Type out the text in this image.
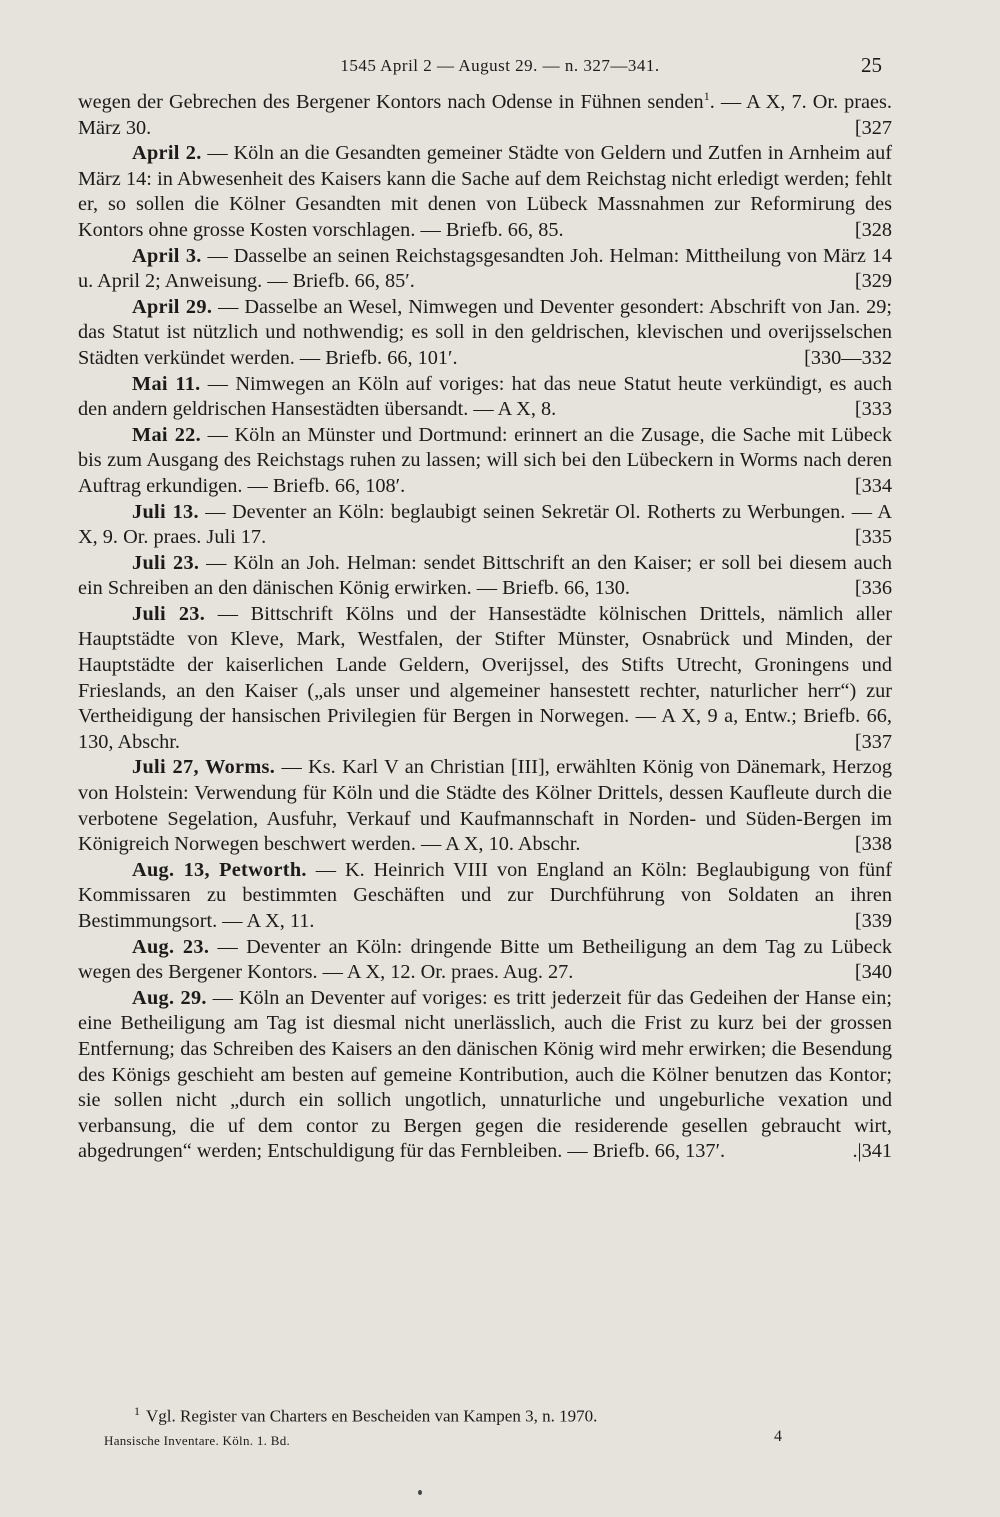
1545 April 2 — August 29. — n. 327—341.	25

wegen der Gebrechen des Bergener Kontors nach Odense in Fühnen senden$^1$. — A X, 7. Or. praes. März 30.	[327

April 2. — Köln an die Gesandten gemeiner Städte von Geldern und Zutfen in Arnheim auf März 14: in Abwesenheit des Kaisers kann die Sache auf dem Reichstag nicht erledigt werden; fehlt er, so sollen die Kölner Gesandten mit denen von Lübeck Massnahmen zur Reformirung des Kontors ohne grosse Kosten vorschlagen. — Briefb. 66, 85.	[328

April 3. — Dasselbe an seinen Reichstagsgesandten Joh. Helman: Mittheilung von März 14 u. April 2; Anweisung. — Briefb. 66, 85′.	[329

April 29. — Dasselbe an Wesel, Nimwegen und Deventer gesondert: Abschrift von Jan. 29; das Statut ist nützlich und nothwendig; es soll in den geldrischen, klevischen und overijsselschen Städten verkündet werden. — Briefb. 66, 101′.	[330—332

Mai 11. — Nimwegen an Köln auf voriges: hat das neue Statut heute verkündigt, es auch den andern geldrischen Hansestädten übersandt. — A X, 8.	[333

Mai 22. — Köln an Münster und Dortmund: erinnert an die Zusage, die Sache mit Lübeck bis zum Ausgang des Reichstags ruhen zu lassen; will sich bei den Lübeckern in Worms nach deren Auftrag erkundigen. — Briefb. 66, 108′.	[334

Juli 13. — Deventer an Köln: beglaubigt seinen Sekretär Ol. Rotherts zu Werbungen. — A X, 9. Or. praes. Juli 17.	[335

Juli 23. — Köln an Joh. Helman: sendet Bittschrift an den Kaiser; er soll bei diesem auch ein Schreiben an den dänischen König erwirken. — Briefb. 66, 130.	[336

Juli 23. — Bittschrift Kölns und der Hansestädte kölnischen Drittels, nämlich aller Hauptstädte von Kleve, Mark, Westfalen, der Stifter Münster, Osnabrück und Minden, der Hauptstädte der kaiserlichen Lande Geldern, Overijssel, des Stifts Utrecht, Groningens und Frieslands, an den Kaiser („als unser und algemeiner hansestett rechter, naturlicher herr“) zur Vertheidigung der hansischen Privilegien für Bergen in Norwegen. — A X, 9 a, Entw.; Briefb. 66, 130, Abschr.	[337

Juli 27, Worms. — Ks. Karl V an Christian [III], erwählten König von Dänemark, Herzog von Holstein: Verwendung für Köln und die Städte des Kölner Drittels, dessen Kaufleute durch die verbotene Segelation, Ausfuhr, Verkauf und Kaufmannschaft in Norden- und Süden-Bergen im Königreich Norwegen beschwert werden. — A X, 10. Abschr.	[338

Aug. 13, Petworth. — K. Heinrich VIII von England an Köln: Beglaubigung von fünf Kommissaren zu bestimmten Geschäften und zur Durchführung von Soldaten an ihren Bestimmungsort. — A X, 11.	[339

Aug. 23. — Deventer an Köln: dringende Bitte um Betheiligung an dem Tag zu Lübeck wegen des Bergener Kontors. — A X, 12. Or. praes. Aug. 27.	[340

Aug. 29. — Köln an Deventer auf voriges: es tritt jederzeit für das Gedeihen der Hanse ein; eine Betheiligung am Tag ist diesmal nicht unerlässlich, auch die Frist zu kurz bei der grossen Entfernung; das Schreiben des Kaisers an den dänischen König wird mehr erwirken; die Besendung des Königs geschieht am besten auf gemeine Kontribution, auch die Kölner benutzen das Kontor; sie sollen nicht „durch ein sollich ungotlich, unnaturliche und ungeburliche vexation und verbansung, die uf dem contor zu Bergen gegen die residerende gesellen gebraucht wirt, abgedrungen“ werden; Entschuldigung für das Fernbleiben. — Briefb. 66, 137′.	.|341

$^1$ Vgl. Register van Charters en Bescheiden van Kampen 3, n. 1970.
Hansische Inventare. Köln. 1. Bd.	4
